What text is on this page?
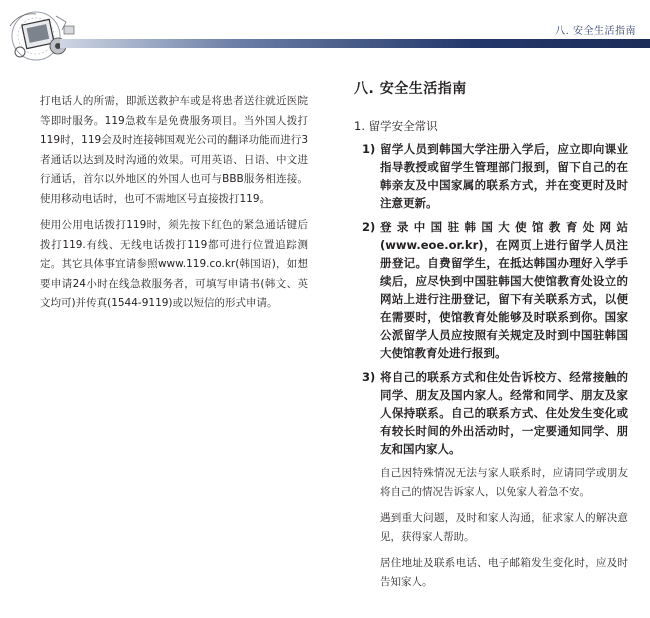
八. 安全生活指南

打电话人的所需，即派送救护车或是将患者送往就近医院等即时服务。119急救车是免费服务项目。当外国人拨打119时，119会及时连接韩国观光公司的翻译功能而进行3者通话以达到及时沟通的效果。可用英语、日语、中文进行通话，首尔以外地区的外国人也可与BBB服务相连接。使用移动电话时，也可不需地区号直接拨打119。

使用公用电话拨打119时，须先按下红色的紧急通话键后拨打119.有线、无线电话拨打119都可进行位置追踪测定。其它具体事宜请参照www.119.co.kr(韩国语)，如想要申请24小时在线急救服务者，可填写申请书(韩文、英文均可)并传真(1544-9119)或以短信的形式申请。

八. 安全生活指南
1. 留学安全常识
1) 留学人员到韩国大学注册入学后，应立即向课业指导教授或留学生管理部门报到，留下自己的在韩亲友及中国家属的联系方式，并在变更时及时注意更新。
2) 登录中国驻韩国大使馆教育处网站(www.eoe.or.kr)，在网页上进行留学人员注册登记。自费留学生，在抵达韩国办理好入学手续后，应尽快到中国驻韩国大使馆教育处设立的网站上进行注册登记，留下有关联系方式，以便在需要时，使馆教育处能够及时联系到你。国家公派留学人员应按照有关规定及时到中国驻韩国大使馆教育处进行报到。
3) 将自己的联系方式和住处告诉校方、经常接触的同学、朋友及国内家人。经常和同学、朋友及家人保持联系。自己的联系方式、住处发生变化或有较长时间的外出活动时，一定要通知同学、朋友和国内家人。

自己因特殊情况无法与家人联系时，应请同学或朋友将自己的情况告诉家人，以免家人着急不安。

遇到重大问题，及时和家人沟通，征求家人的解决意见，获得家人帮助。

居住地址及联系电话、电子邮箱发生变化时，应及时告知家人。
